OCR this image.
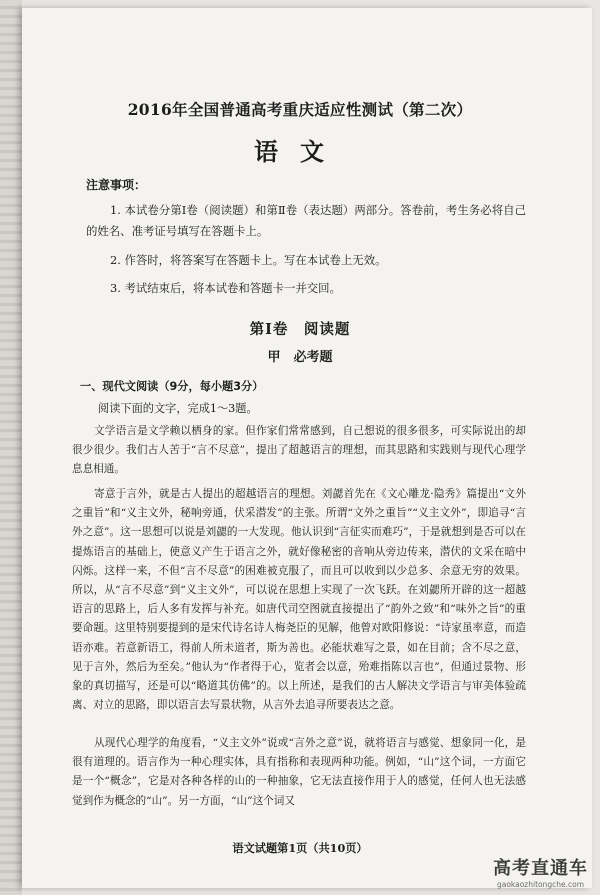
2016年全国普通高考重庆适应性测试（第二次）
语文
注意事项：
1. 本试卷分第Ⅰ卷（阅读题）和第Ⅱ卷（表达题）两部分。答卷前，考生务必将自己的姓名、准考证号填写在答题卡上。
2. 作答时，将答案写在答题卡上。写在本试卷上无效。
3. 考试结束后，将本试卷和答题卡一并交回。
第Ⅰ卷　阅读题
甲　必考题
一、现代文阅读（9分，每小题3分）
阅读下面的文字，完成1～3题。
文学语言是文学赖以栖身的家。但作家们常常感到，自己想说的很多很多，可实际说出的却很少很少。我们古人苦于“言不尽意”，提出了超越语言的理想，而其思路和实践则与现代心理学息息相通。
寄意于言外，就是古人提出的超越语言的理想。刘勰首先在《文心雕龙·隐秀》篇提出“文外之重旨”和“义主文外，秘响旁通，伏采潜发”的主张。所谓“文外之重旨”“义主文外”，即追寻“言外之意”。这一思想可以说是刘勰的一大发现。他认识到“言征实而难巧”，于是就想到是否可以在提炼语言的基础上，使意义产生于语言之外，就好像秘密的音响从旁边传来，潜伏的文采在暗中闪烁。这样一来，不但“言不尽意”的困难被克服了，而且可以收到以少总多、余意无穷的效果。所以，从“言不尽意”到“义主文外”，可以说在思想上实现了一次飞跃。在刘勰所开辟的这一超越语言的思路上，后人多有发挥与补充。如唐代司空图就直接提出了“韵外之致”和“味外之旨”的重要命题。这里特别要提到的是宋代诗名诗人梅尧臣的见解，他曾对欧阳修说：“诗家虽率意，而造语亦难。若意新语工，得前人所未道者，斯为善也。必能状难写之景，如在目前；含不尽之意，见于言外，然后为至矣。”他认为“作者得于心，览者会以意，殆难指陈以言也”，但通过景物、形象的真切描写，还是可以“略道其仿佛”的。以上所述，是我们的古人解决文学语言与审美体验疏离、对立的思路，即以语言去写景状物，从言外去追寻所要表达之意。
从现代心理学的角度看，“义主文外”说或“言外之意”说，就将语言与感觉、想象同一化，是很有道理的。语言作为一种心理实体，具有指称和表现两种功能。例如，“山”这个词，一方面它是一个“概念”，它是对各种各样的山的一种抽象，它无法直接作用于人的感觉，任何人也无法感觉到作为概念的“山”。另一方面，“山”这个词又
语文试题第1页（共10页）
高考直通车
gaokaozhitongche.com
